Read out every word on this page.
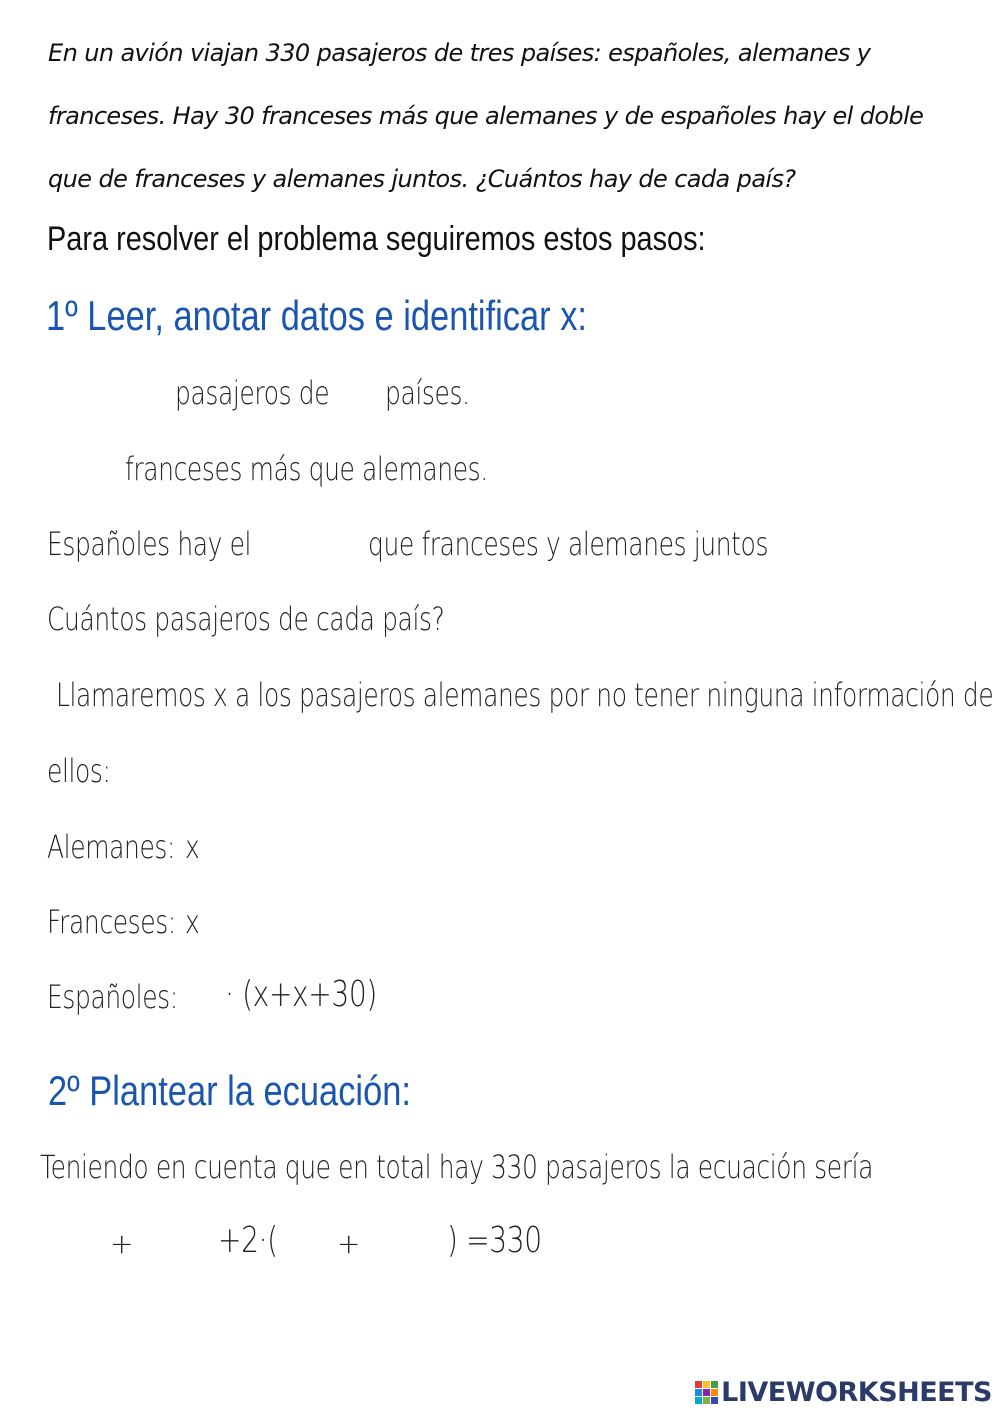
En un avión viajan 330 pasajeros de tres países: españoles, alemanes y

franceses. Hay 30 franceses más que alemanes y de españoles hay el doble

que de franceses y alemanes juntos. ¿Cuántos hay de cada país?

Para resolver el problema seguiremos estos pasos:
1º Leer, anotar datos e identificar x:
pasajeros de países.
franceses más que alemanes.
Españoles hay el	que franceses y alemanes juntos
Cuántos pasajeros de cada país?
Llamaremos x a los pasajeros alemanes por no tener ninguna información de
ellos:
Alemanes: x
Franceses: x
Españoles: · (x+x+30)
2º Plantear la ecuación:
Teniendo en cuenta que en total hay 330 pasajeros la ecuación sería
+ +2·( + ) =330
LIVEWORKSHEETS
